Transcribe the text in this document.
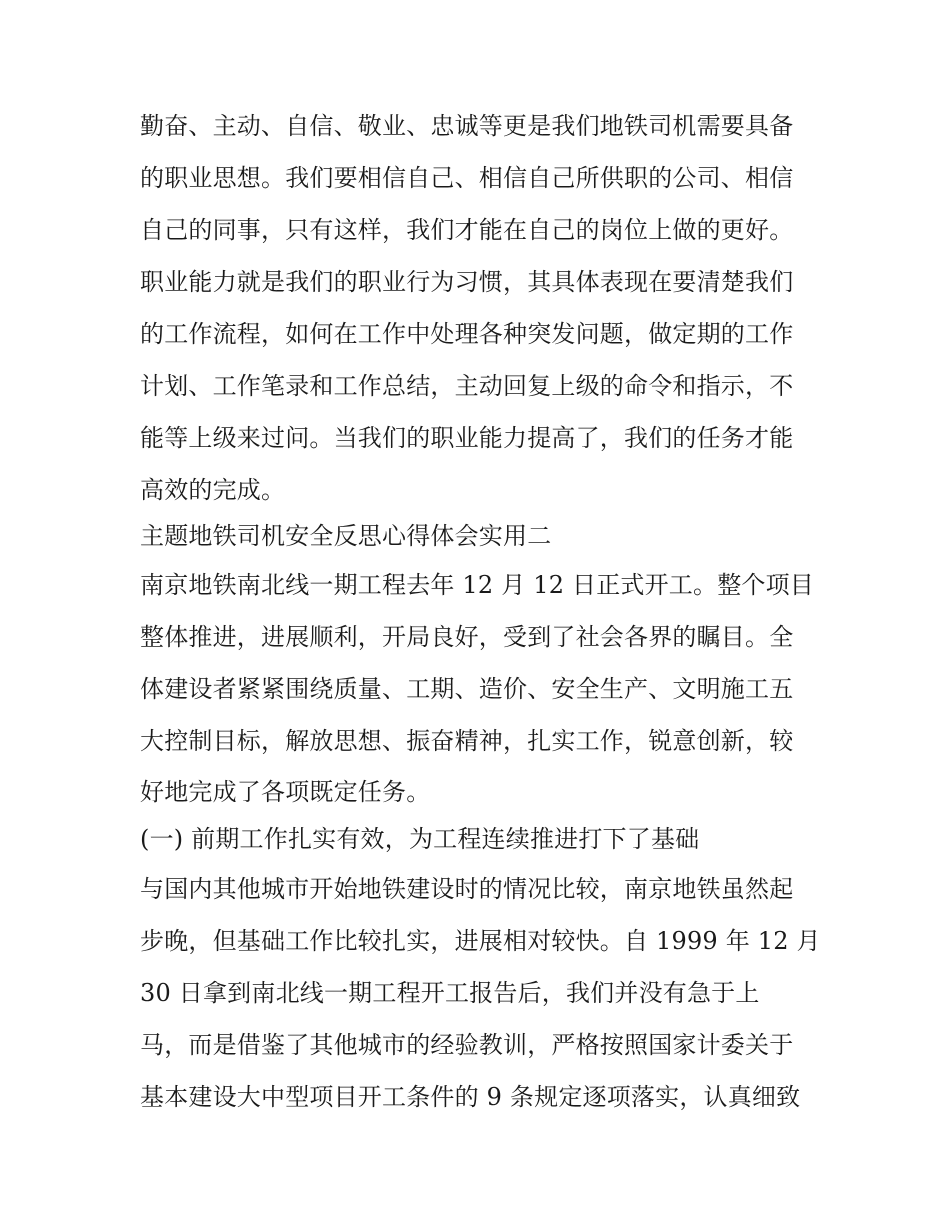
勤奋、主动、自信、敬业、忠诚等更是我们地铁司机需要具备
的职业思想。我们要相信自己、相信自己所供职的公司、相信
自己的同事，只有这样，我们才能在自己的岗位上做的更好。
职业能力就是我们的职业行为习惯，其具体表现在要清楚我们
的工作流程，如何在工作中处理各种突发问题，做定期的工作
计划、工作笔录和工作总结，主动回复上级的命令和指示，不
能等上级来过问。当我们的职业能力提高了，我们的任务才能
高效的完成。
主题地铁司机安全反思心得体会实用二
南京地铁南北线一期工程去年 12 月 12 日正式开工。整个项目
整体推进，进展顺利，开局良好，受到了社会各界的瞩目。全
体建设者紧紧围绕质量、工期、造价、安全生产、文明施工五
大控制目标，解放思想、振奋精神，扎实工作，锐意创新，较
好地完成了各项既定任务。
(一) 前期工作扎实有效，为工程连续推进打下了基础
与国内其他城市开始地铁建设时的情况比较，南京地铁虽然起
步晚，但基础工作比较扎实，进展相对较快。自 1999 年 12 月
30 日拿到南北线一期工程开工报告后，我们并没有急于上
马，而是借鉴了其他城市的经验教训，严格按照国家计委关于
基本建设大中型项目开工条件的 9 条规定逐项落实，认真细致
